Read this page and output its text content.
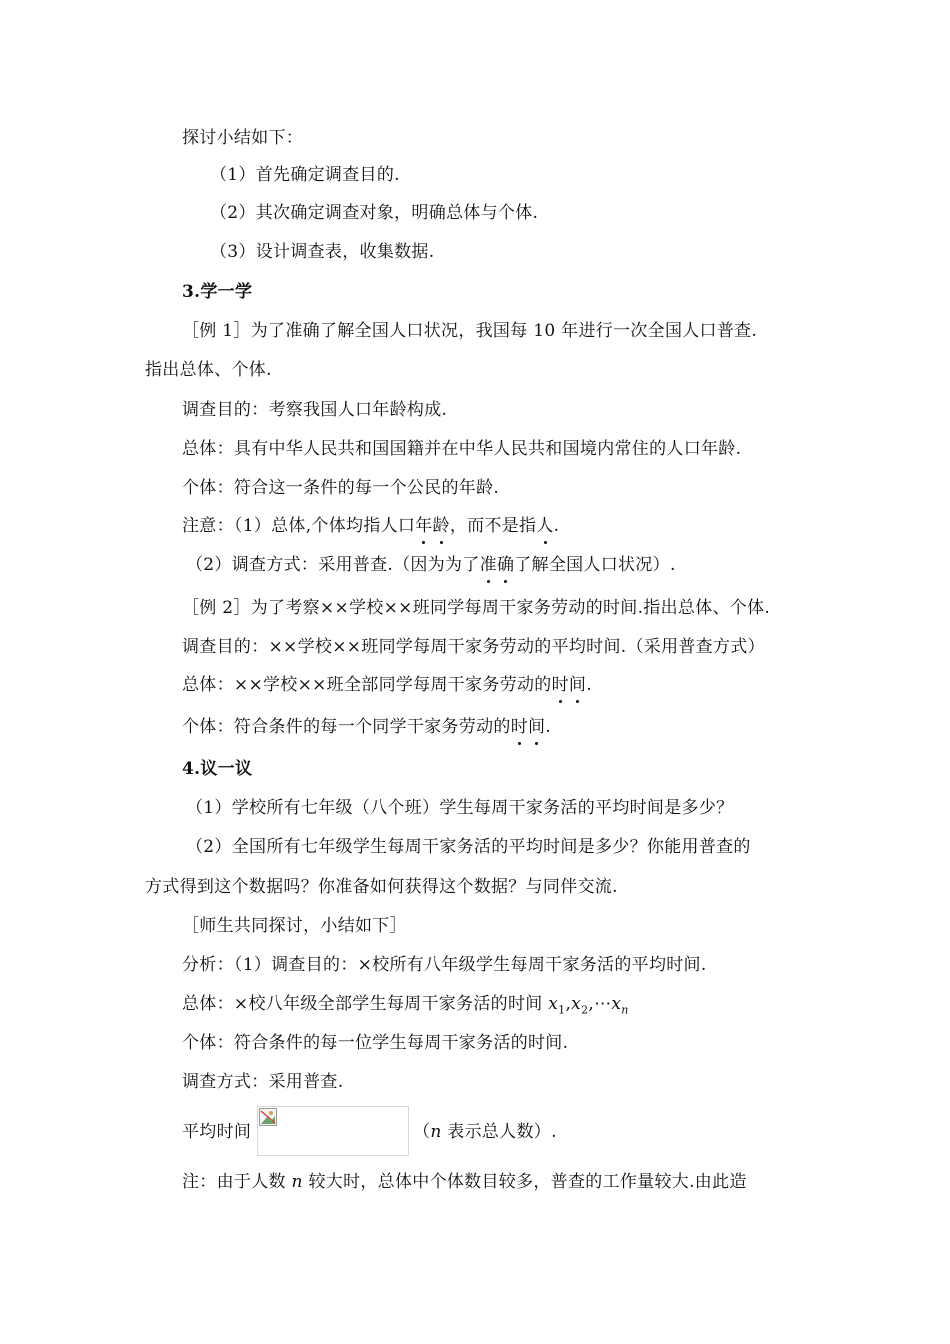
探讨小结如下：
（1）首先确定调查目的.
（2）其次确定调查对象，明确总体与个体.
（3）设计调查表，收集数据.
3.学一学
［例 1］为了准确了解全国人口状况，我国每 10 年进行一次全国人口普查.
指出总体、个体.
调查目的：考察我国人口年龄构成.
总体：具有中华人民共和国国籍并在中华人民共和国境内常住的人口年龄.
个体：符合这一条件的每一个公民的年龄.
注意：（1）总体,个体均指人口年龄，而不是指人.
（2）调查方式：采用普查.（因为为了准确了解全国人口状况）.
［例 2］为了考察××学校××班同学每周干家务劳动的时间.指出总体、个体.
调查目的：××学校××班同学每周干家务劳动的平均时间.（采用普查方式）
总体：××学校××班全部同学每周干家务劳动的时间.
个体：符合条件的每一个同学干家务劳动的时间.
4.议一议
（1）学校所有七年级（八个班）学生每周干家务活的平均时间是多少？
（2）全国所有七年级学生每周干家务活的平均时间是多少？你能用普查的
方式得到这个数据吗？你准备如何获得这个数据？与同伴交流.
［师生共同探讨，小结如下］
分析：（1）调查目的：×校所有八年级学生每周干家务活的平均时间.
总体：×校八年级全部学生每周干家务活的时间 $x_1,x_2,\cdots x_n$
个体：符合条件的每一位学生每周干家务活的时间.
调查方式：采用普查.
平均时间	（n 表示总人数）.
注：由于人数 n 较大时，总体中个体数目较多，普查的工作量较大.由此造
